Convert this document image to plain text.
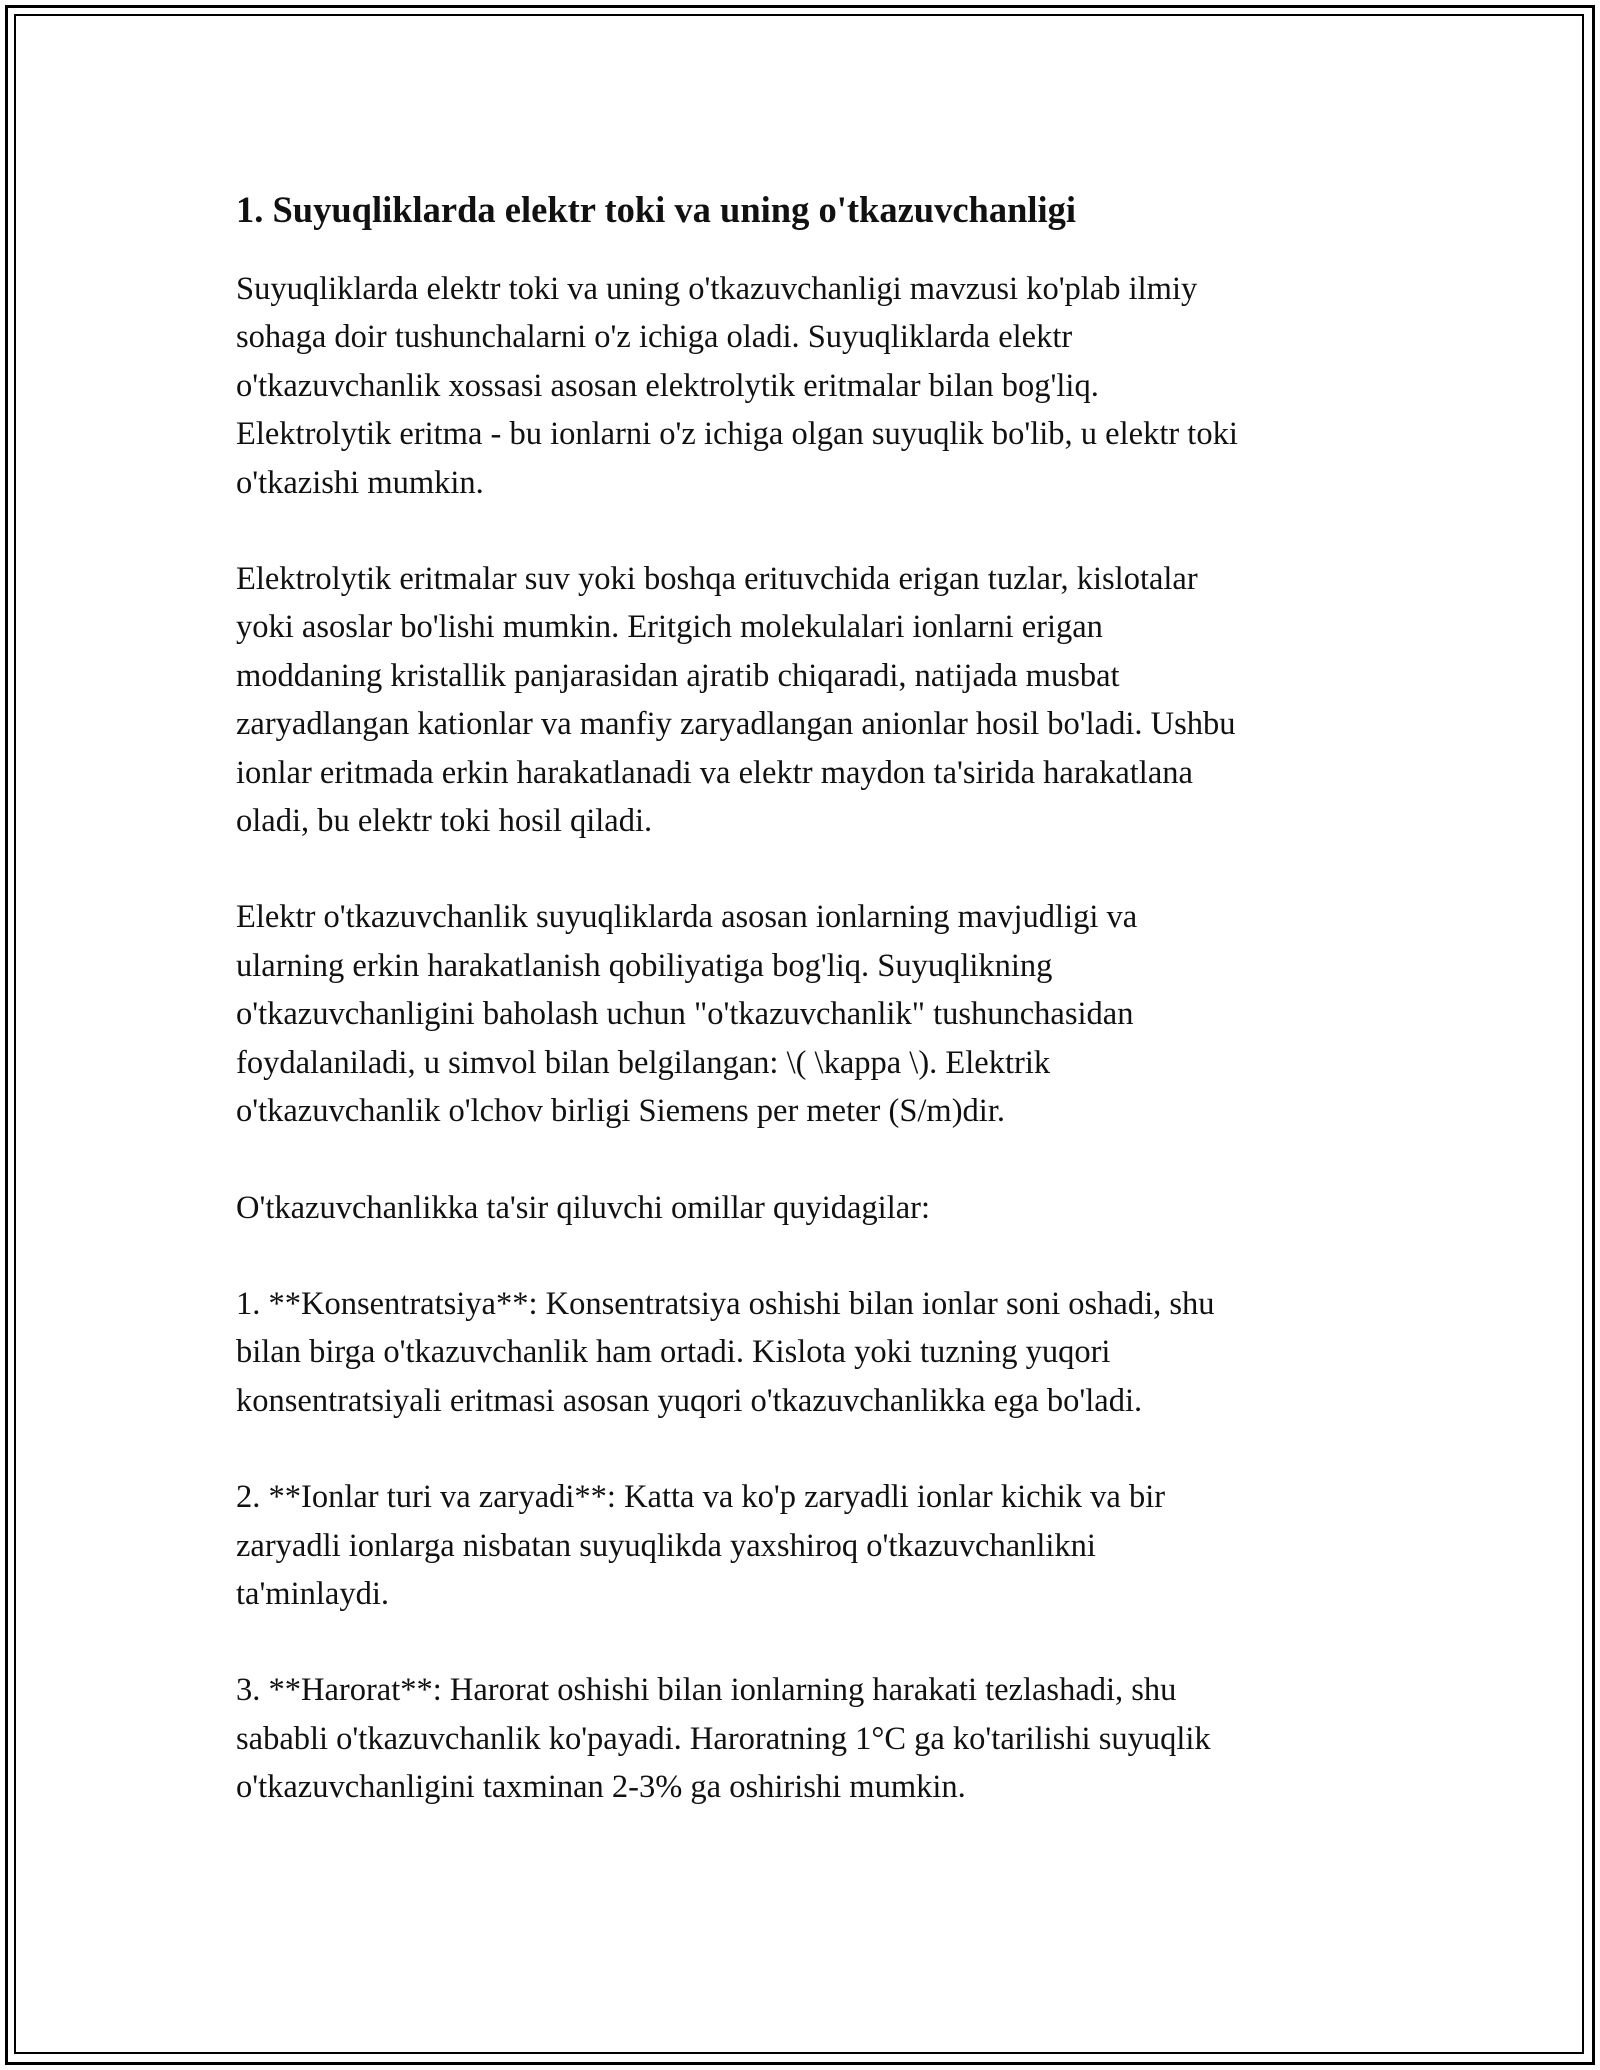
1. Suyuqliklarda elektr toki va uning o'tkazuvchanligi

Suyuqliklarda elektr toki va uning o'tkazuvchanligi mavzusi ko'plab ilmiy
sohaga doir tushunchalarni o'z ichiga oladi. Suyuqliklarda elektr
o'tkazuvchanlik xossasi asosan elektrolytik eritmalar bilan bog'liq.
Elektrolytik eritma - bu ionlarni o'z ichiga olgan suyuqlik bo'lib, u elektr toki
o'tkazishi mumkin.

Elektrolytik eritmalar suv yoki boshqa erituvchida erigan tuzlar, kislotalar
yoki asoslar bo'lishi mumkin. Eritgich molekulalari ionlarni erigan
moddaning kristallik panjarasidan ajratib chiqaradi, natijada musbat
zaryadlangan kationlar va manfiy zaryadlangan anionlar hosil bo'ladi. Ushbu
ionlar eritmada erkin harakatlanadi va elektr maydon ta'sirida harakatlana
oladi, bu elektr toki hosil qiladi.

Elektr o'tkazuvchanlik suyuqliklarda asosan ionlarning mavjudligi va
ularning erkin harakatlanish qobiliyatiga bog'liq. Suyuqlikning
o'tkazuvchanligini baholash uchun "o'tkazuvchanlik" tushunchasidan
foydalaniladi, u simvol bilan belgilangan: \( \kappa \). Elektrik
o'tkazuvchanlik o'lchov birligi Siemens per meter (S/m)dir.

O'tkazuvchanlikka ta'sir qiluvchi omillar quyidagilar:

1. **Konsentratsiya**: Konsentratsiya oshishi bilan ionlar soni oshadi, shu
bilan birga o'tkazuvchanlik ham ortadi. Kislota yoki tuzning yuqori
konsentratsiyali eritmasi asosan yuqori o'tkazuvchanlikka ega bo'ladi.

2. **Ionlar turi va zaryadi**: Katta va ko'p zaryadli ionlar kichik va bir
zaryadli ionlarga nisbatan suyuqlikda yaxshiroq o'tkazuvchanlikni
ta'minlaydi.

3. **Harorat**: Harorat oshishi bilan ionlarning harakati tezlashadi, shu
sababli o'tkazuvchanlik ko'payadi. Haroratning 1°C ga ko'tarilishi suyuqlik
o'tkazuvchanligini taxminan 2-3% ga oshirishi mumkin.
